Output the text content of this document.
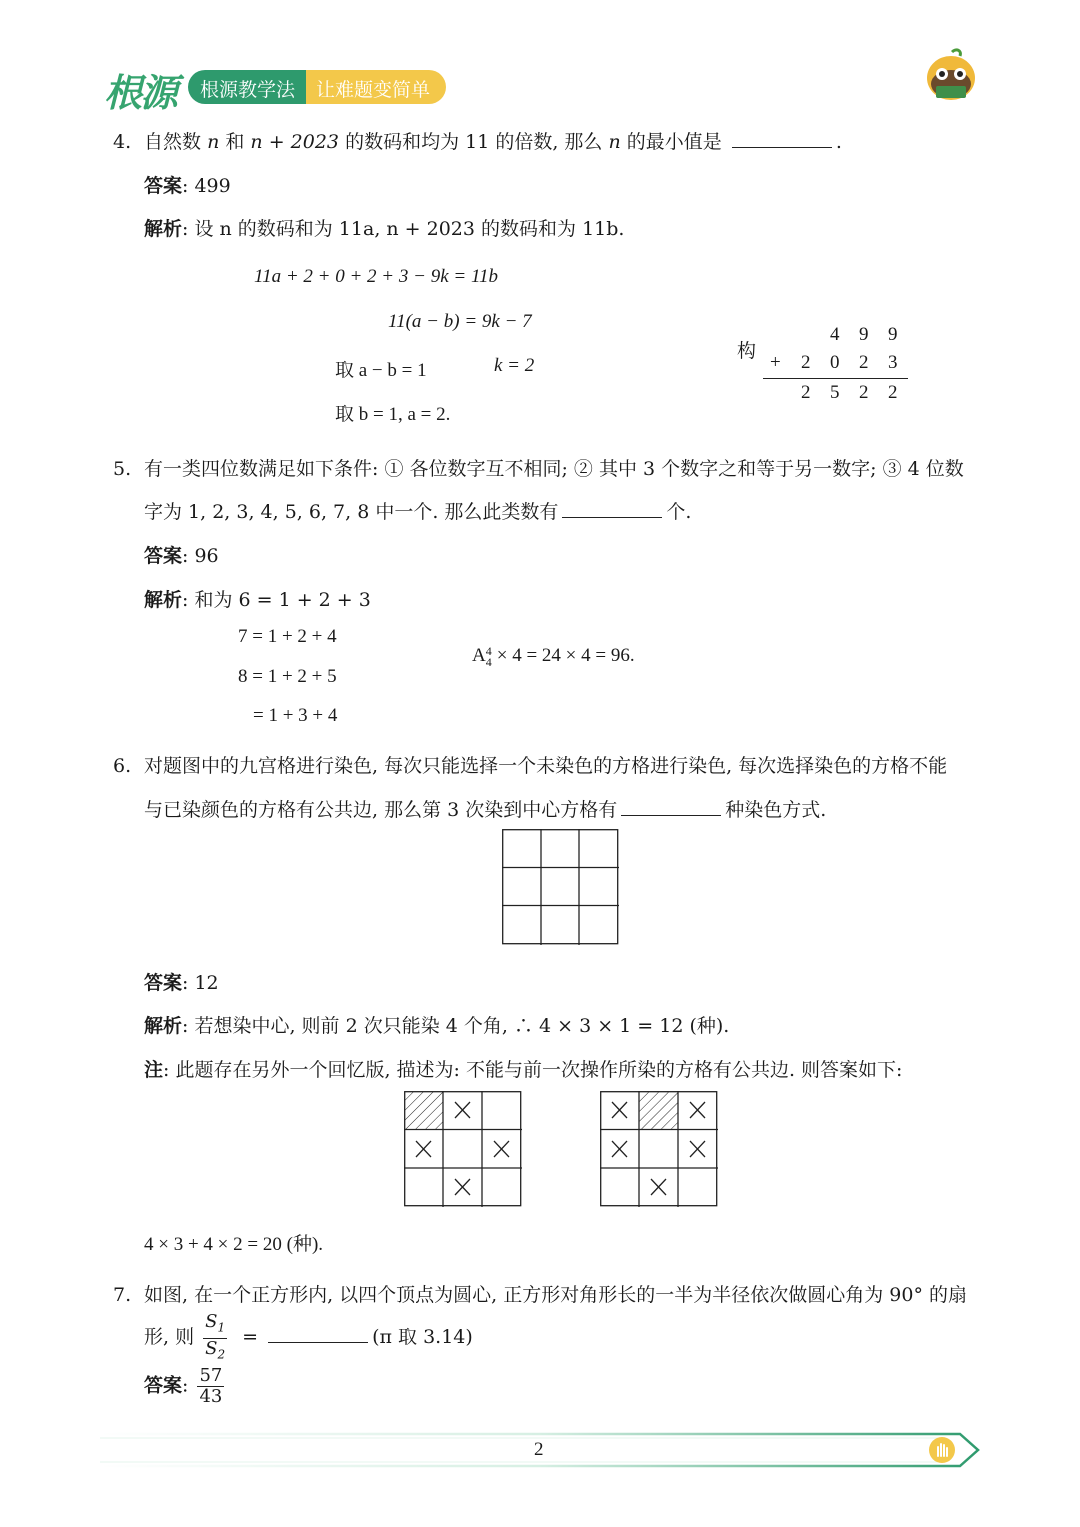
根源 根源教学法 让难题变简单
4. 自然数 n 和 n + 2023 的数码和均为 11 的倍数, 那么 n 的最小值是	.
答案: 499
解析: 设 n 的数码和为 11a, n + 2023 的数码和为 11b.
11a + 2 + 0 + 2 + 3 − 9k = 11b
11(a − b) = 9k − 7
取 a − b = 1	k = 2
取 b = 1, a = 2.
构
4 9 9
+ 2 0 2 3
2 5 2 2
5. 有一类四位数满足如下条件: ① 各位数字互不相同; ② 其中 3 个数字之和等于另一数字; ③ 4 位数
字为 1, 2, 3, 4, 5, 6, 7, 8 中一个. 那么此类数有	个.
答案: 96
解析: 和为 6 = 1 + 2 + 3
7 = 1 + 2 + 4
8 = 1 + 2 + 5
= 1 + 3 + 4
A 4
4 × 4 = 24 × 4 = 96.
6. 对题图中的九宫格进行染色, 每次只能选择一个未染色的方格进行染色, 每次选择染色的方格不能
与已染颜色的方格有公共边, 那么第 3 次染到中心方格有	种染色方式.
答案: 12
解析: 若想染中心, 则前 2 次只能染 4 个角, ∴ 4 × 3 × 1 = 12 (种).
注: 此题存在另外一个回忆版, 描述为: 不能与前一次操作所染的方格有公共边. 则答案如下:
4 × 3 + 4 × 2 = 20 (种).
7. 如图, 在一个正方形内, 以四个顶点为圆心, 正方形对角形长的一半为半径依次做圆心角为 90° 的扇
形, 则 $\frac{S_1}{S_2}$ =	(π 取 3.14)
答案: $\frac{57}{43}$
2
